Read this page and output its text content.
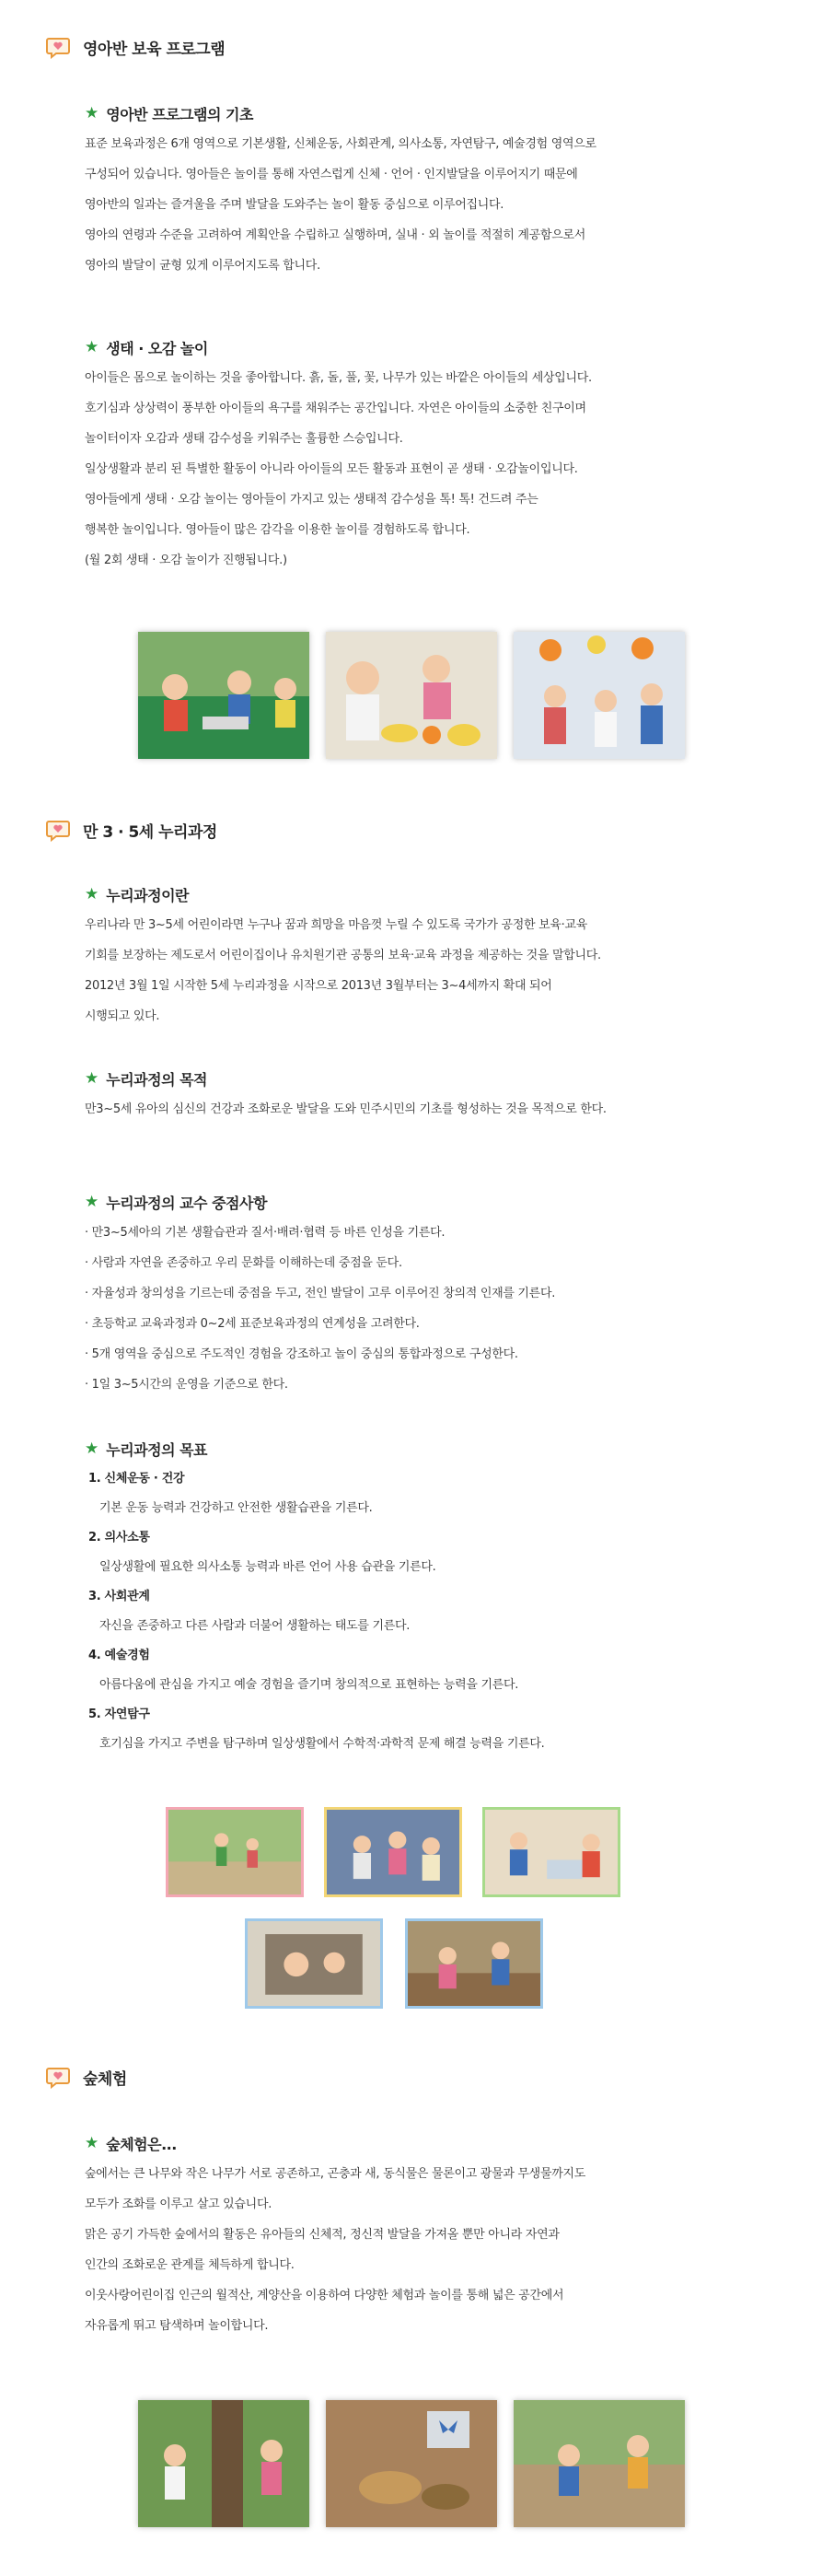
영아반 보육 프로그램
★ 영아반 프로그램의 기초

표준 보육과정은 6개 영역으로 기본생활, 신체운동, 사회관계, 의사소통, 자연탐구, 예술경험 영역으로

구성되어 있습니다. 영아들은 놀이를 통해 자연스럽게 신체 · 언어 · 인지발달을 이루어지기 때문에

영아반의 일과는 즐겨울을 주며 발달을 도와주는 놀이 활동 중심으로 이루어집니다.

영아의 연령과 수준을 고려하여 계획안을 수립하고 실행하며, 실내 · 외 놀이를 적절히 계공함으로서

영아의 발달이 균형 있게 이루어지도록 합니다.

★ 생태 · 오감 놀이

아이들은 몸으로 놀이하는 것을 좋아합니다. 흙, 돌, 풀, 꽃, 나무가 있는 바깥은 아이들의 세상입니다.

호기심과 상상력이 풍부한 아이들의 욕구를 채워주는 공간입니다. 자연은 아이들의 소중한 친구이며

놀이터이자 오감과 생태 감수성을 키워주는 훌륭한 스승입니다.

일상생활과 분리 된 특별한 활동이 아니라 아이들의 모든 활동과 표현이 곧 생태 · 오감놀이입니다.

영아들에게 생태 · 오감 놀이는 영아들이 가지고 있는 생태적 감수성을 톡! 톡! 건드려 주는

행복한 놀이입니다. 영아들이 많은 감각을 이용한 놀이를 경험하도록 합니다.

(월 2회 생태 · 오감 놀이가 진행됩니다.)

만 3 · 5세 누리과정
★ 누리과정이란

우리나라 만 3~5세 어린이라면 누구나 꿈과 희망을 마음껏 누릴 수 있도록 국가가 공정한 보육·교육

기회를 보장하는 제도로서 어린이집이나 유치원기관 공통의 보육·교육 과정을 제공하는 것을 말합니다.

2012년 3월 1일 시작한 5세 누리과정을 시작으로 2013년 3월부터는 3~4세까지 확대 되어

시행되고 있다.

★ 누리과정의 목적

만3~5세 유아의 심신의 건강과 조화로운 발달을 도와 민주시민의 기초를 형성하는 것을 목적으로 한다.

★ 누리과정의 교수 중점사항

· 만3~5세아의 기본 생활습관과 질서·배려·협력 등 바른 인성을 기른다.

· 사람과 자연을 존중하고 우리 문화를 이해하는데 중점을 둔다.

· 자율성과 창의성을 기르는데 중점을 두고, 전인 발달이 고루 이루어진 창의적 인재를 기른다.

· 초등학교 교육과정과 0~2세 표준보육과정의 연계성을 고려한다.

· 5개 영역을 중심으로 주도적인 경험을 강조하고 놀이 중심의 통합과정으로 구성한다.

· 1일 3~5시간의 운영을 기준으로 한다.

★ 누리과정의 목표
1. 신체운동 · 건강
기본 운동 능력과 건강하고 안전한 생활습관을 기른다.
2. 의사소통
일상생활에 필요한 의사소통 능력과 바른 언어 사용 습관을 기른다.
3. 사회관계
자신을 존중하고 다른 사람과 더불어 생활하는 태도를 기른다.
4. 예술경험
아름다움에 관심을 가지고 예술 경험을 즐기며 창의적으로 표현하는 능력을 기른다.
5. 자연탐구
호기심을 가지고 주변을 탐구하며 일상생활에서 수학적·과학적 문제 해결 능력을 기른다.
숲체험
★ 숲체험은...

숲에서는 큰 나무와 작은 나무가 서로 공존하고, 곤충과 새, 동식물은 물론이고 광물과 무생물까지도

모두가 조화를 이루고 살고 있습니다.

맑은 공기 가득한 숲에서의 활동은 유아들의 신체적, 정신적 발달을 가져올 뿐만 아니라 자연과

인간의 조화로운 관계를 체득하게 합니다.

이웃사랑어린이집 인근의 월적산, 계양산을 이용하여 다양한 체험과 놀이를 통해 넓은 공간에서

자유롭게 뛰고 탐색하며 놀이합니다.
